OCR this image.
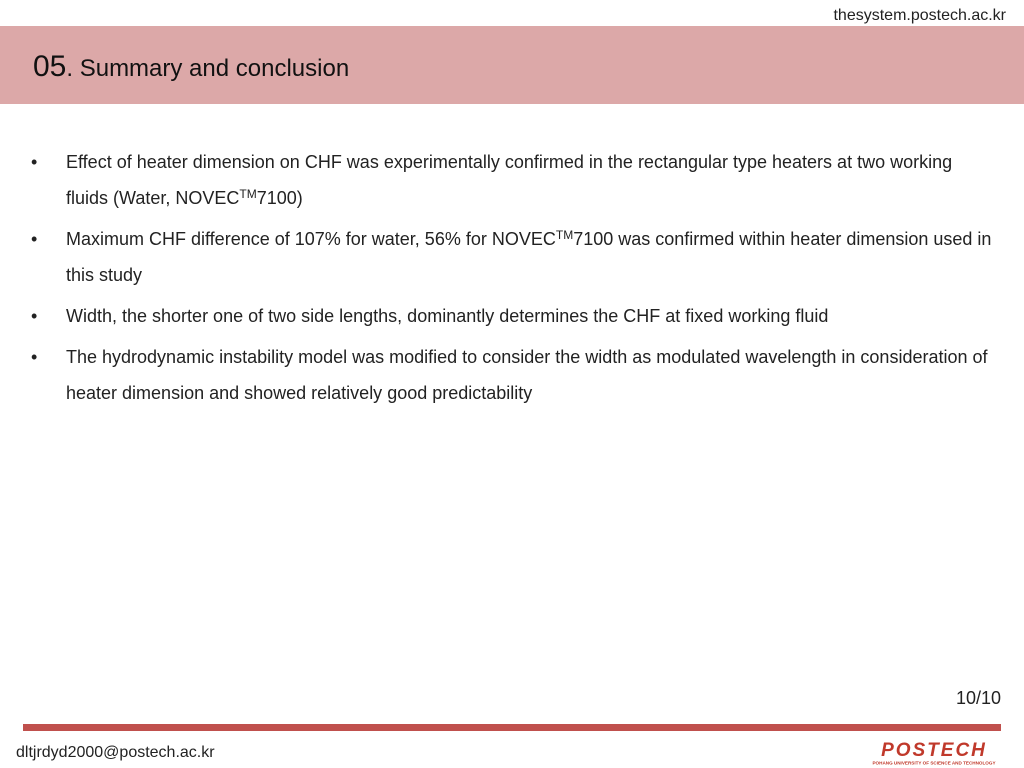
thesystem.postech.ac.kr
05. Summary and conclusion
• Effect of heater dimension on CHF was experimentally confirmed in the rectangular type heaters at two working fluids (Water, NOVEC™7100)
• Maximum CHF difference of 107% for water, 56% for NOVEC™7100 was confirmed within heater dimension used in this study
• Width, the shorter one of two side lengths, dominantly determines the CHF at fixed working fluid
• The hydrodynamic instability model was modified to consider the width as modulated wavelength in consideration of heater dimension and showed relatively good predictability
10/10
dltjrdyd2000@postech.ac.kr	POSTECH
POHANG UNIVERSITY OF SCIENCE AND TECHNOLOGY
